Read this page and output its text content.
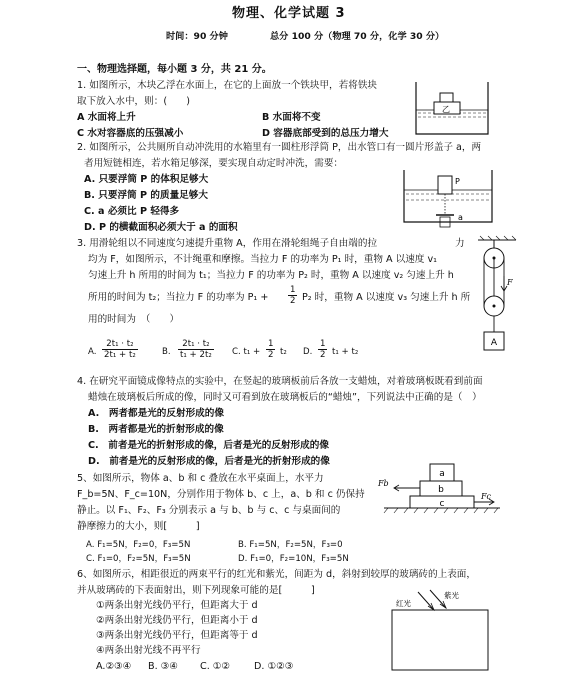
物理、化学试题 3
时间：90 分钟	总分 100 分（物理 70 分，化学 30 分）
一、物理选择题，每小题 3 分，共 21 分。
1. 如图所示，木块乙浮在水面上，在它的上面放一个铁块甲，若将铁块
取下放入水中，则：(　　)
A 水面将上升	B 水面将不变
C 水对容器底的压强减小	D 容器底部受到的总压力增大
乙
2. 如图所示，公共厕所自动冲洗用的水箱里有一圆柱形浮筒 P，出水管口有一圆片形盖子 a，两
者用短链相连，若水箱足够深，要实现自动定时冲洗，需要：
A. 只要浮筒 P 的体积足够大
B. 只要浮筒 P 的质量足够大
C. a 必须比 P 轻得多
D. P 的横截面积必须大于 a 的面积
P
a
3. 用滑轮组以不同速度匀速提升重物 A，作用在滑轮组绳子自由端的拉	力
均为 F，如图所示，不计绳重和摩擦。当拉力 F 的功率为 P₁ 时，重物 A 以速度 v₁
匀速上升 h 所用的时间为 t₁；当拉力 F 的功率为 P₂ 时，重物 A 以速度 v₂ 匀速上升 h
所用的时间为 t₂；当拉力 F 的功率为 $P_1 + \frac{1}{2} P_2$ 时，重物 A 以速度 v₃ 匀速上升 h 所
用的时间为　（　　）
A. $\frac{\text{2t₁ · t₂}}{\text{2t₁ + t₂}}$	B. $\frac{\text{2t₁ · t₂}}{\text{t₁ + 2t₂}} C$. $t_1 + \frac{1}{2} t_2$ D. $\frac{1}{2} t_1 + t_2$
F
A
4. 在研究平面镜成像特点的实验中，在竖起的玻璃板前后各放一支蜡烛，对着玻璃板既看到前面
蜡烛在玻璃板后所成的像，同时又可看到放在玻璃板后的“蜡烛”，下列说法中正确的是（　）
A.　两者都是光的反射形成的像
B.　两者都是光的折射形成的像
C.　前者是光的折射形成的像，后者是光的反射形成的像
D.　前者是光的反射形成的像，后者是光的折射形成的像
5、如图所示，物体 a、b 和 c 叠放在水平桌面上，水平力
F_b=5N、F_c=10N，分别作用于物体 b、c 上，a、b 和 c 仍保持
静止。以 F₁、F₂、F₃ 分别表示 a 与 b、b 与 c、c 与桌面间的
静摩擦力的大小，则[　　　]
A. F₁=5N，F₂=0，F₃=5N	B. F₁=5N，F₂=5N，F₃=0
C. F₁=0，F₂=5N，F₃=5N	D. F₁=0，F₂=10N，F₃=5N
a
b
c
Fb
Fc
6、如图所示，相距很近的两束平行的红光和紫光，间距为 d，斜射到较厚的玻璃砖的上表面，
并从玻璃砖的下表面射出，则下列现象可能的是[　　　]
①两条出射光线仍平行，但距离大于 d
②两条出射光线仍平行，但距离小于 d
③两条出射光线仍平行，但距离等于 d
④两条出射光线不再平行
A.②③④ B. ③④ C. ①②	D. ①②③
红光
紫光
